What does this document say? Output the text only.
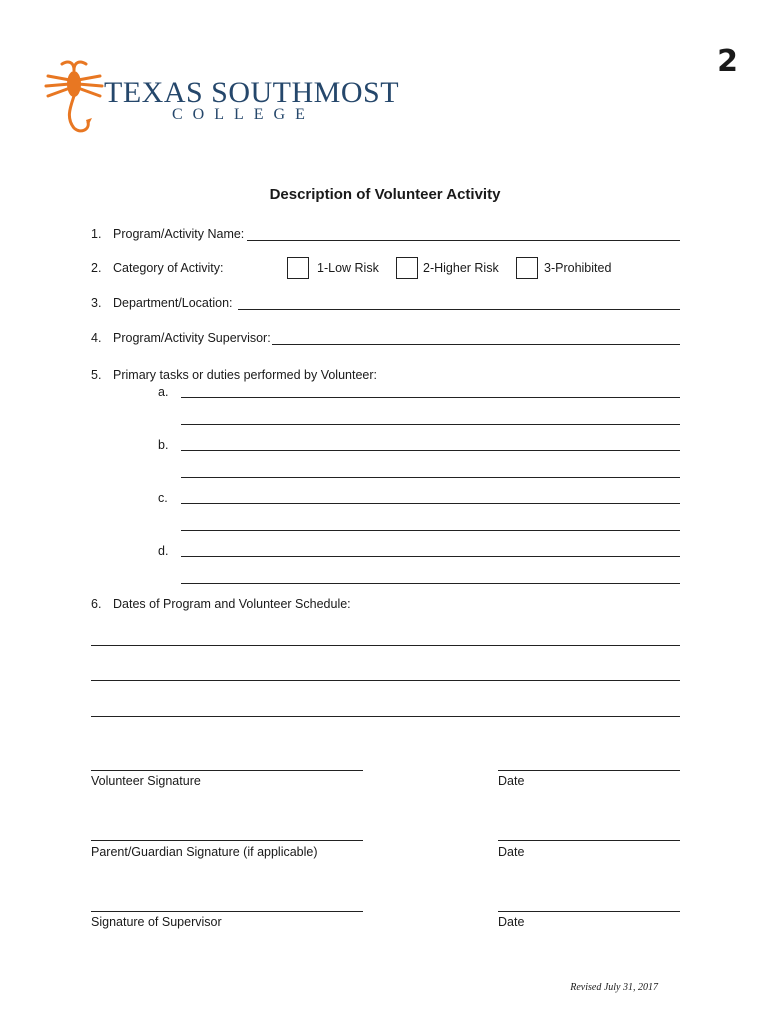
2
TEXAS SOUTHMOST
COLLEGE
Description of Volunteer Activity
1. Program/Activity Name:
2. Category of Activity:	1-Low Risk	2-Higher Risk	3-Prohibited
3. Department/Location:
4. Program/Activity Supervisor:
5. Primary tasks or duties performed by Volunteer:
a.
b.
c.
d.
6. Dates of Program and Volunteer Schedule:
Volunteer Signature	Date
Parent/Guardian Signature (if applicable)	Date
Signature of Supervisor	Date
Revised July 31, 2017
